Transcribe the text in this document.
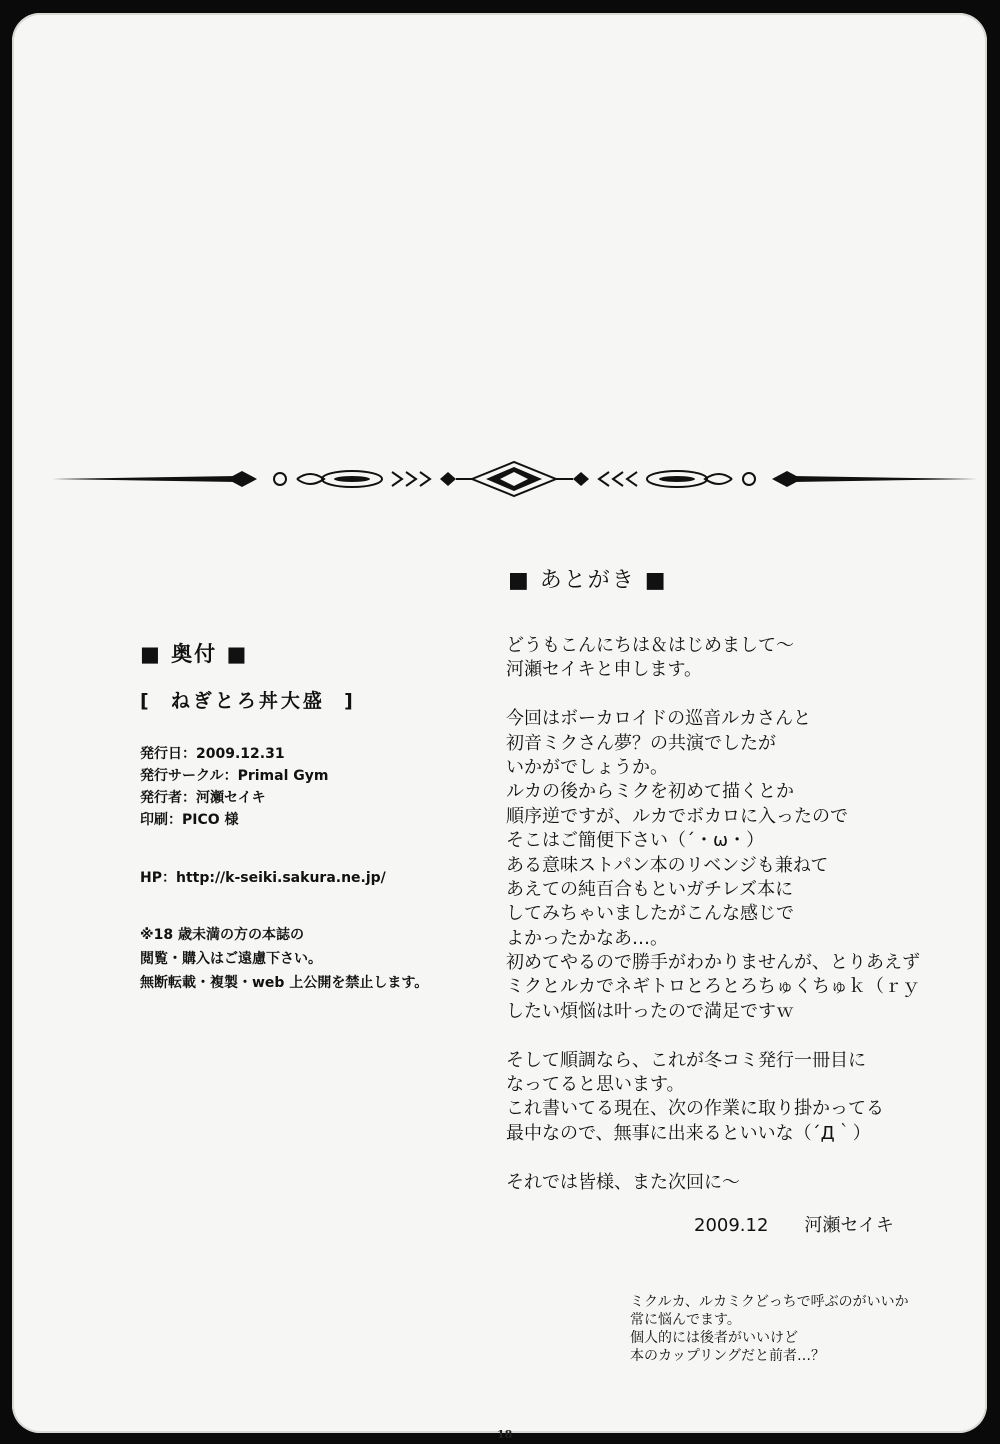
■ 奥付 ■
[  ねぎとろ丼大盛  ]
発行日：2009.12.31
発行サークル：Primal Gym
発行者：河瀬セイキ
印刷：PICO 様
HP：http://k-seiki.sakura.ne.jp/
※18 歳未満の方の本誌の
閲覧・購入はご遠慮下さい。
無断転載・複製・web 上公開を禁止します。
■ あとがき ■
どうもこんにちは＆はじめまして～
河瀬セイキと申します。
今回はボーカロイドの巡音ルカさんと
初音ミクさん夢？の共演でしたが
いかがでしょうか。
ルカの後からミクを初めて描くとか
順序逆ですが、ルカでボカロに入ったので
そこはご簡便下さい（´・ω・）
ある意味ストパン本のリベンジも兼ねて
あえての純百合もといガチレズ本に
してみちゃいましたがこんな感じで
よかったかなあ…。
初めてやるので勝手がわかりませんが、とりあえず
ミクとルカでネギトロとろとろちゅくちゅｋ（ｒｙ
したい煩悩は叶ったので満足ですｗ
そして順調なら、これが冬コミ発行一冊目に
なってると思います。
これ書いてる現在、次の作業に取り掛かってる
最中なので、無事に出来るといいな（´Д｀）
それでは皆様、また次回に～
2009.12　　河瀬セイキ
ミクルカ、ルカミクどっちで呼ぶのがいいか
常に悩んでます。
個人的には後者がいいけど
本のカップリングだと前者…？
18
